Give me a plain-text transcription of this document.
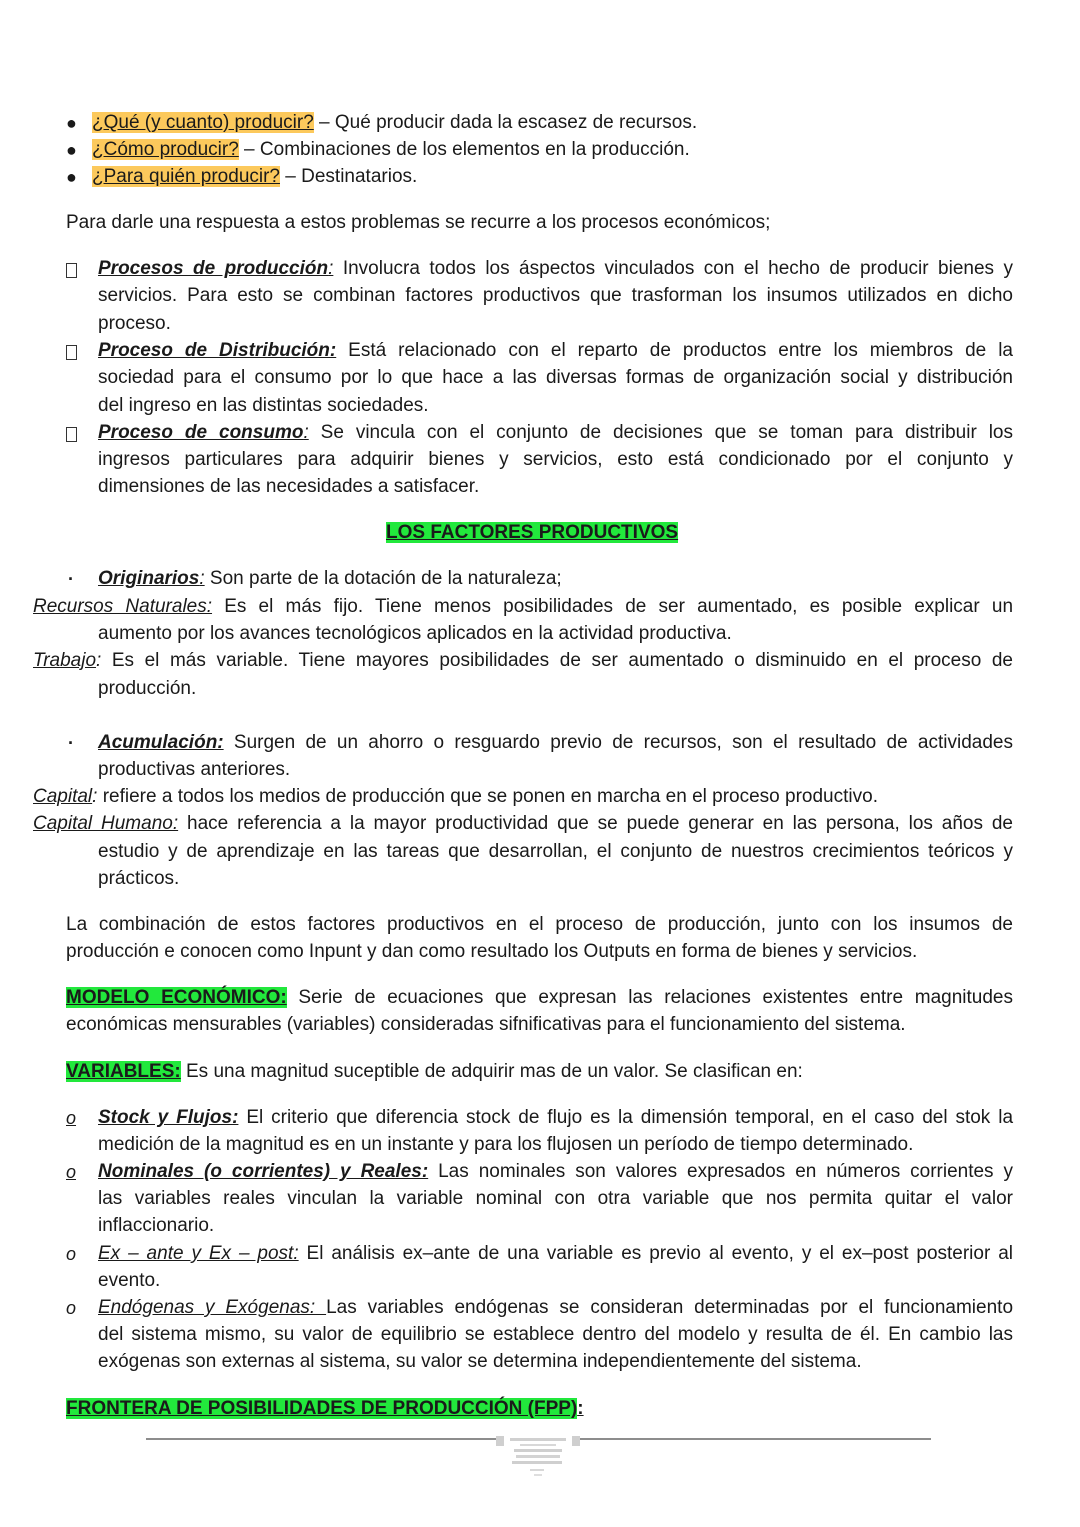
● ¿Qué (y cuanto) producir? – Qué producir dada la escasez de recursos.
● ¿Cómo producir? – Combinaciones de los elementos en la producción.
● ¿Para quién producir? – Destinatarios.
Para darle una respuesta a estos problemas se recurre a los procesos económicos;
Procesos de producción: Involucra todos los áspectos vinculados con el hecho de producir bienes y
servicios. Para esto se combinan factores productivos que trasforman los insumos utilizados en dicho
proceso.
Proceso de Distribución: Está relacionado con el reparto de productos entre los miembros de la
sociedad para el consumo por lo que hace a las diversas formas de organización social y distribución
del ingreso en las distintas sociedades.
Proceso de consumo: Se vincula con el conjunto de decisiones que se toman para distribuir los
ingresos particulares para adquirir bienes y servicios, esto está condicionado por el conjunto y
dimensiones de las necesidades a satisfacer.
LOS FACTORES PRODUCTIVOS
· Originarios: Son parte de la dotación de la naturaleza;
Recursos Naturales: Es el más fijo. Tiene menos posibilidades de ser aumentado, es posible explicar un
aumento por los avances tecnológicos aplicados en la actividad productiva.
Trabajo: Es el más variable. Tiene mayores posibilidades de ser aumentado o disminuido en el proceso de
producción.
· Acumulación: Surgen de un ahorro o resguardo previo de recursos, son el resultado de actividades
productivas anteriores.
Capital: refiere a todos los medios de producción que se ponen en marcha en el proceso productivo.
Capital Humano: hace referencia a la mayor productividad que se puede generar en las persona, los años de
estudio y de aprendizaje en las tareas que desarrollan, el conjunto de nuestros crecimientos teóricos y
prácticos.
La combinación de estos factores productivos en el proceso de producción, junto con los insumos de
producción e conocen como Inpunt y dan como resultado los Outputs en forma de bienes y servicios.
MODELO ECONÓMICO: Serie de ecuaciones que expresan las relaciones existentes entre magnitudes
económicas mensurables (variables) consideradas sifnificativas para el funcionamiento del sistema.
VARIABLES: Es una magnitud suceptible de adquirir mas de un valor. Se clasifican en:
o Stock y Flujos: El criterio que diferencia stock de flujo es la dimensión temporal, en el caso del stok la
medición de la magnitud es en un instante y para los flujosen un período de tiempo determinado.
o Nominales (o corrientes) y Reales: Las nominales son valores expresados en números corrientes y
las variables reales vinculan la variable nominal con otra variable que nos permita quitar el valor
inflaccionario.
o Ex – ante y Ex – post: El análisis ex–ante de una variable es previo al evento, y el ex–post posterior al
evento.
o Endógenas y Exógenas: Las variables endógenas se consideran determinadas por el funcionamiento
del sistema mismo, su valor de equilibrio se establece dentro del modelo y resulta de él. En cambio las
exógenas son externas al sistema, su valor se determina independientemente del sistema.
FRONTERA DE POSIBILIDADES DE PRODUCCIÓN (FPP):
